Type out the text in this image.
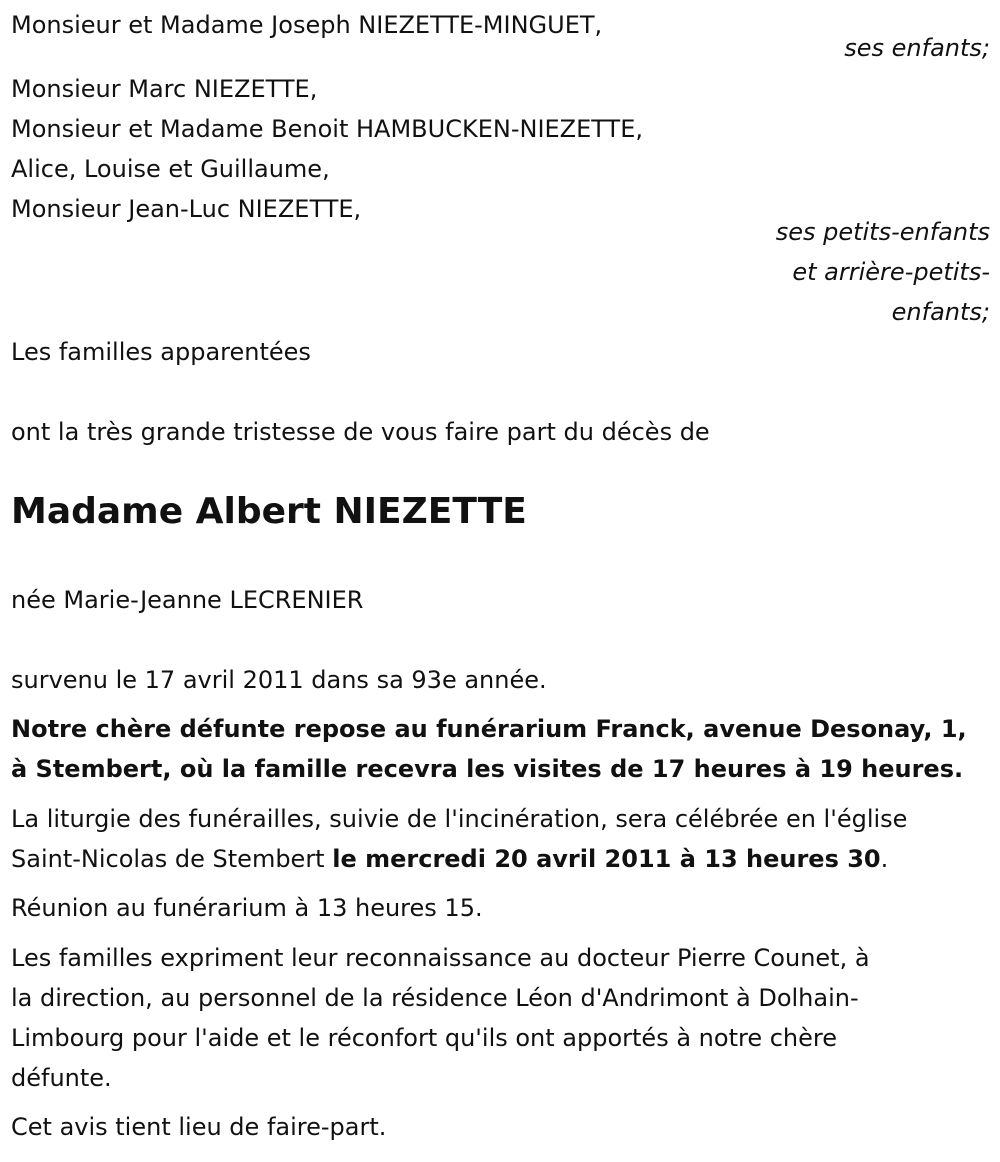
Monsieur et Madame Joseph NIEZETTE-MINGUET,

ses enfants;

Monsieur Marc NIEZETTE,

Monsieur et Madame Benoit HAMBUCKEN-NIEZETTE,

Alice, Louise et Guillaume,

Monsieur Jean-Luc NIEZETTE,

ses petits-enfants

et arrière-petits-

enfants;

Les familles apparentées

ont la très grande tristesse de vous faire part du décès de

Madame Albert NIEZETTE

née Marie-Jeanne LECRENIER

survenu le 17 avril 2011 dans sa 93e année.

Notre chère défunte repose au funérarium Franck, avenue Desonay, 1,

à Stembert, où la famille recevra les visites de 17 heures à 19 heures.

La liturgie des funérailles, suivie de l'incinération, sera célébrée en l'église

Saint-Nicolas de Stembert le mercredi 20 avril 2011 à 13 heures 30.

Réunion au funérarium à 13 heures 15.

Les familles expriment leur reconnaissance au docteur Pierre Counet, à

la direction, au personnel de la résidence Léon d'Andrimont à Dolhain-

Limbourg pour l'aide et le réconfort qu'ils ont apportés à notre chère

défunte.

Cet avis tient lieu de faire-part.
